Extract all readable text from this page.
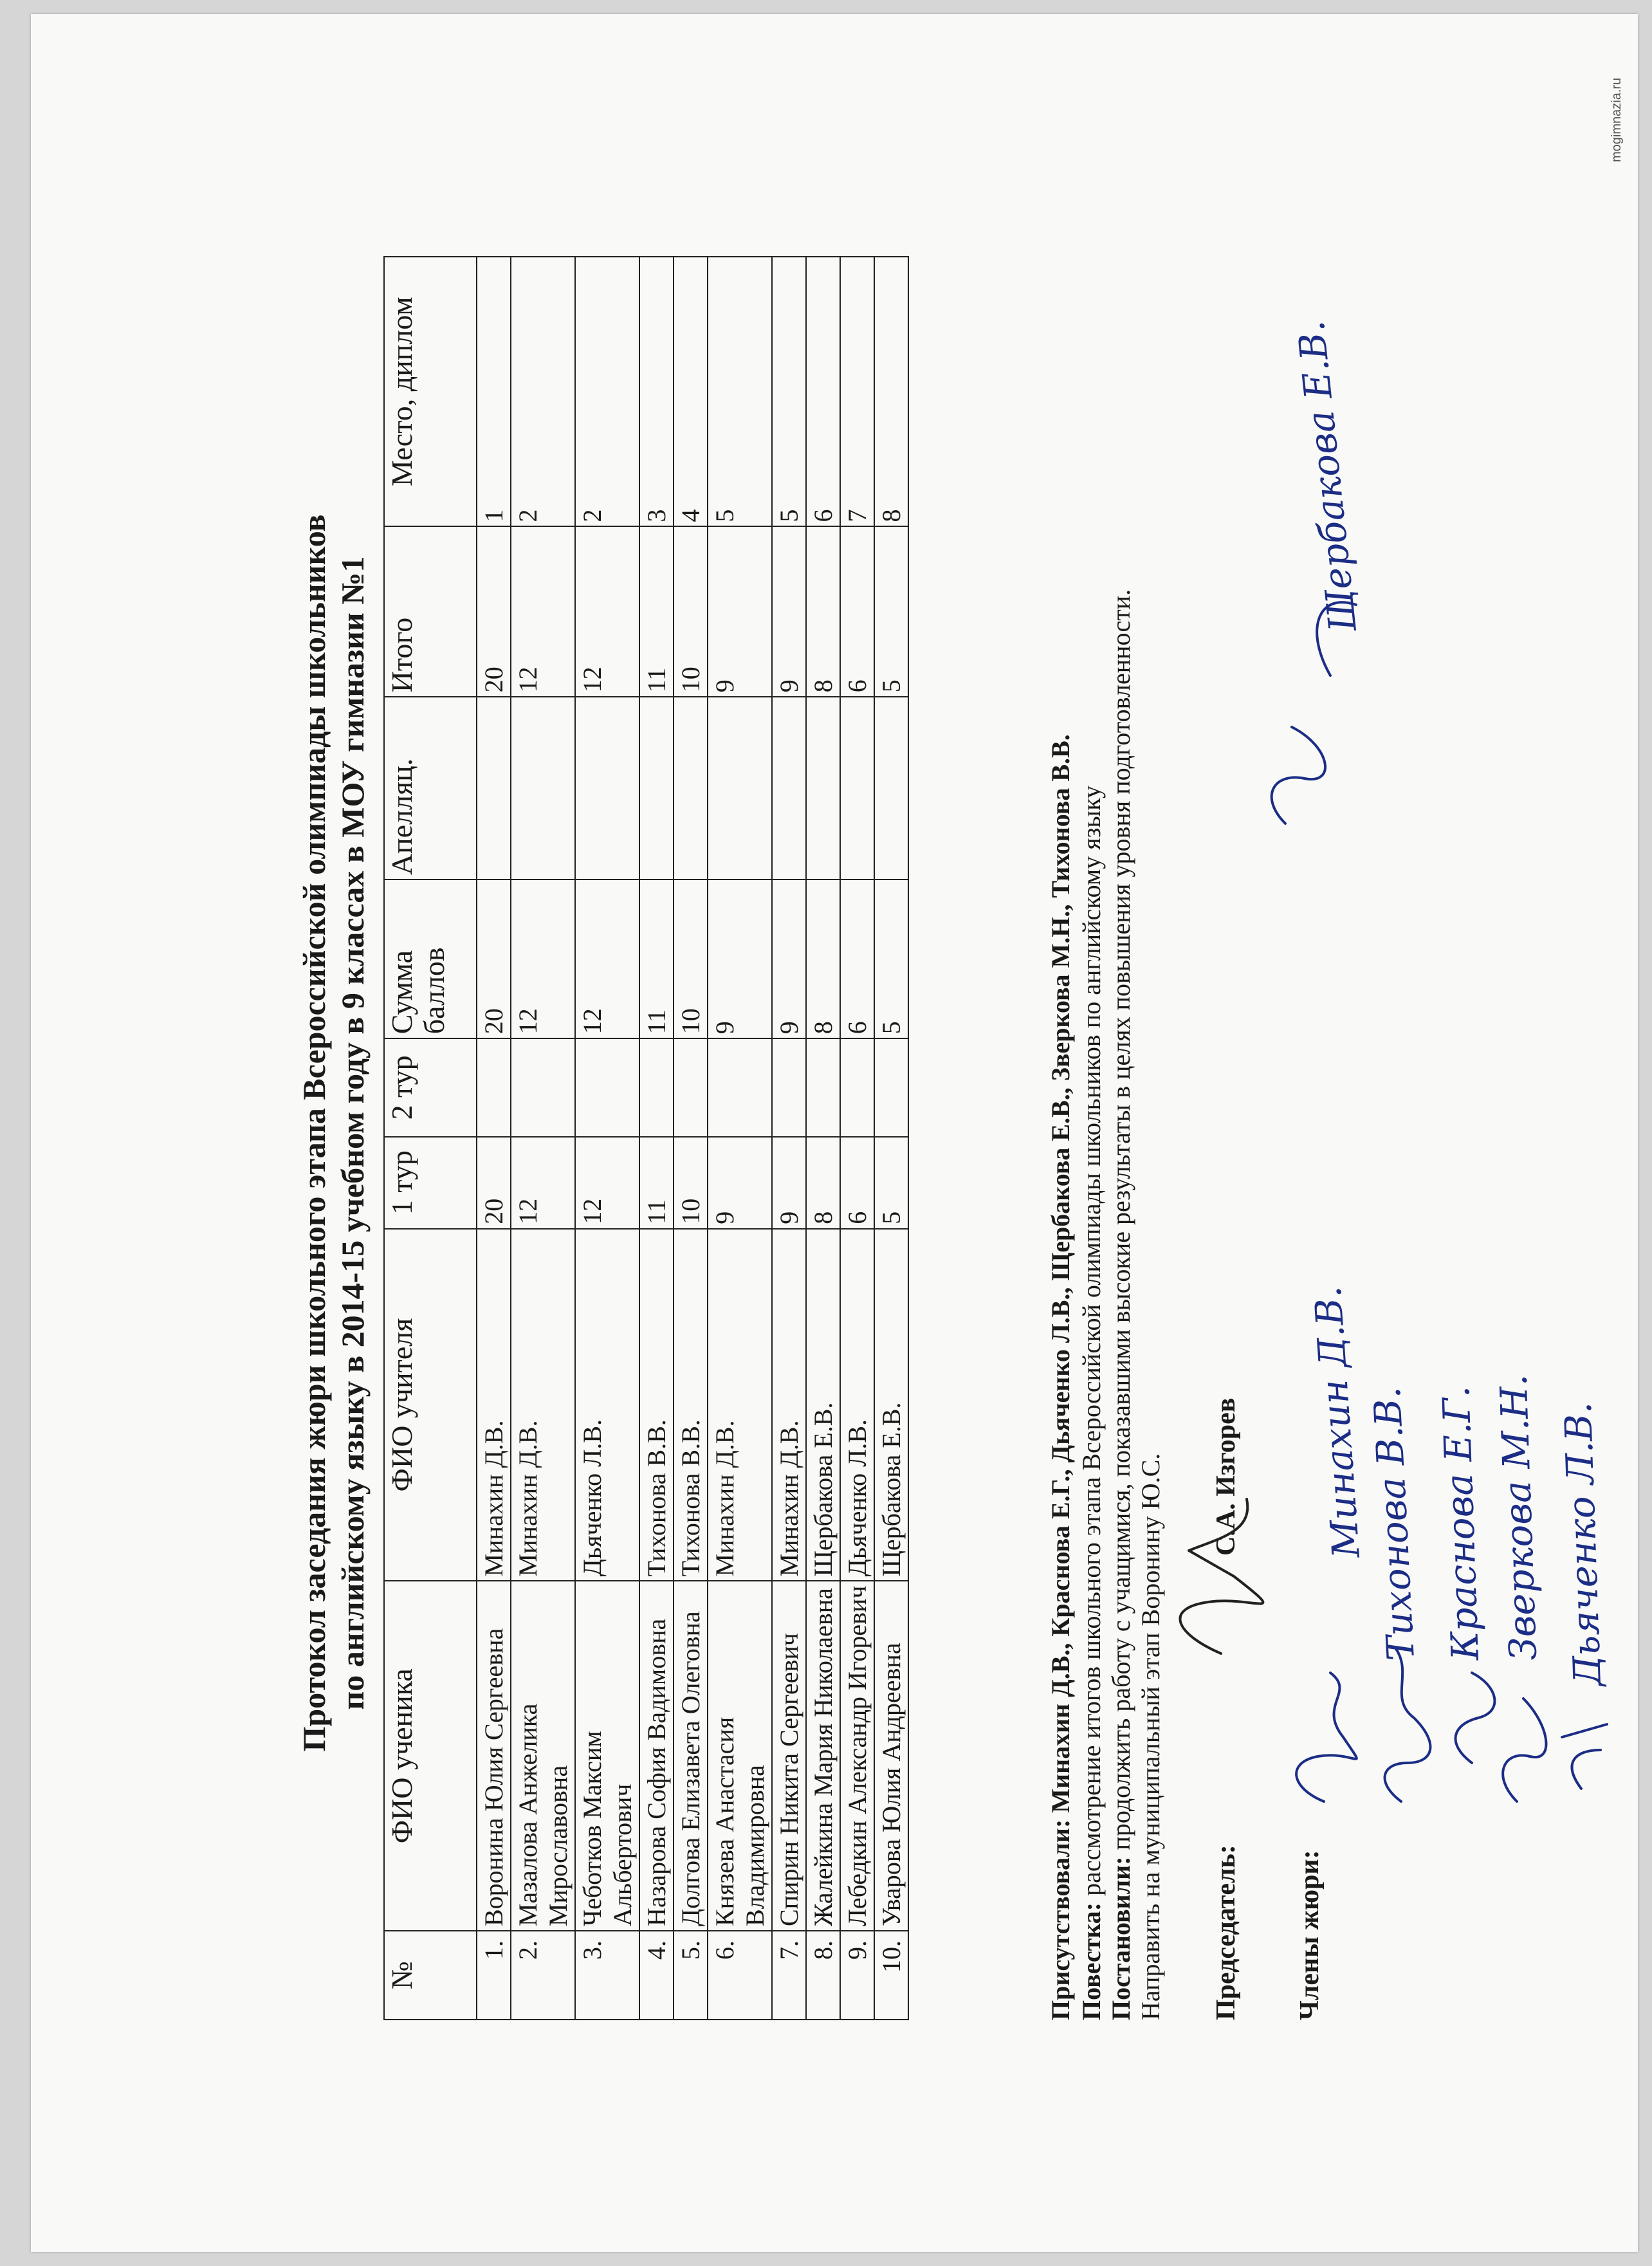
Протокол заседания жюри школьного этапа Всероссийской олимпиады школьников по английскому языку в 2014-15 учебном году в 9 классах в МОУ гимназии №1
№	ФИО ученика	ФИО учителя	1 тур	2 тур	Сумма баллов	Апелляц.	Итого	Место, диплом
1.	Воронина Юлия Сергеевна	Минахин Д.В.	20		20		20	1
2.	Мазалова Анжелика Мирославовна	Минахин Д.В.	12		12		12	2
3.	Чеботков Максим Альбертович	Дьяченко Л.В.	12		12		12	2
4.	Назарова София Вадимовна	Тихонова В.В.	11		11		11	3
5.	Долгова Елизавета Олеговна	Тихонова В.В.	10		10		10	4
6.	Князева Анастасия Владимировна	Минахин Д.В.	9		9		9	5
7.	Спирин Никита Сергеевич	Минахин Д.В.	9		9		9	5
8.	Жалейкина Мария Николаевна	Щербакова Е.В.	8		8		8	6
9.	Лебедкин Александр Игоревич	Дьяченко Л.В.	6		6		6	7
10.	Уварова Юлия Андреевна	Щербакова Е.В.	5		5		5	8
Присутствовали: Минахин Д.В., Краснова Е.Г., Дьяченко Л.В., Щербакова Е.В., Зверкова М.Н., Тихонова В.В.
Повестка: рассмотрение итогов школьного этапа Всероссийской олимпиады школьников по английскому языку
Постановили: продолжить работу с учащимися, показавшими высокие результаты в целях повышения уровня подготовленности. Направить на муниципальный этап Воронину Ю.С. Председатель:
С.А. Изгорев
Члены жюри:
Минахин Д.В.
Тихонова В.В. Краснова Е.Г. Зверкова М.Н. Дьяченко Л.В.
Щербакова Е.В.
mogimnazia.ru
